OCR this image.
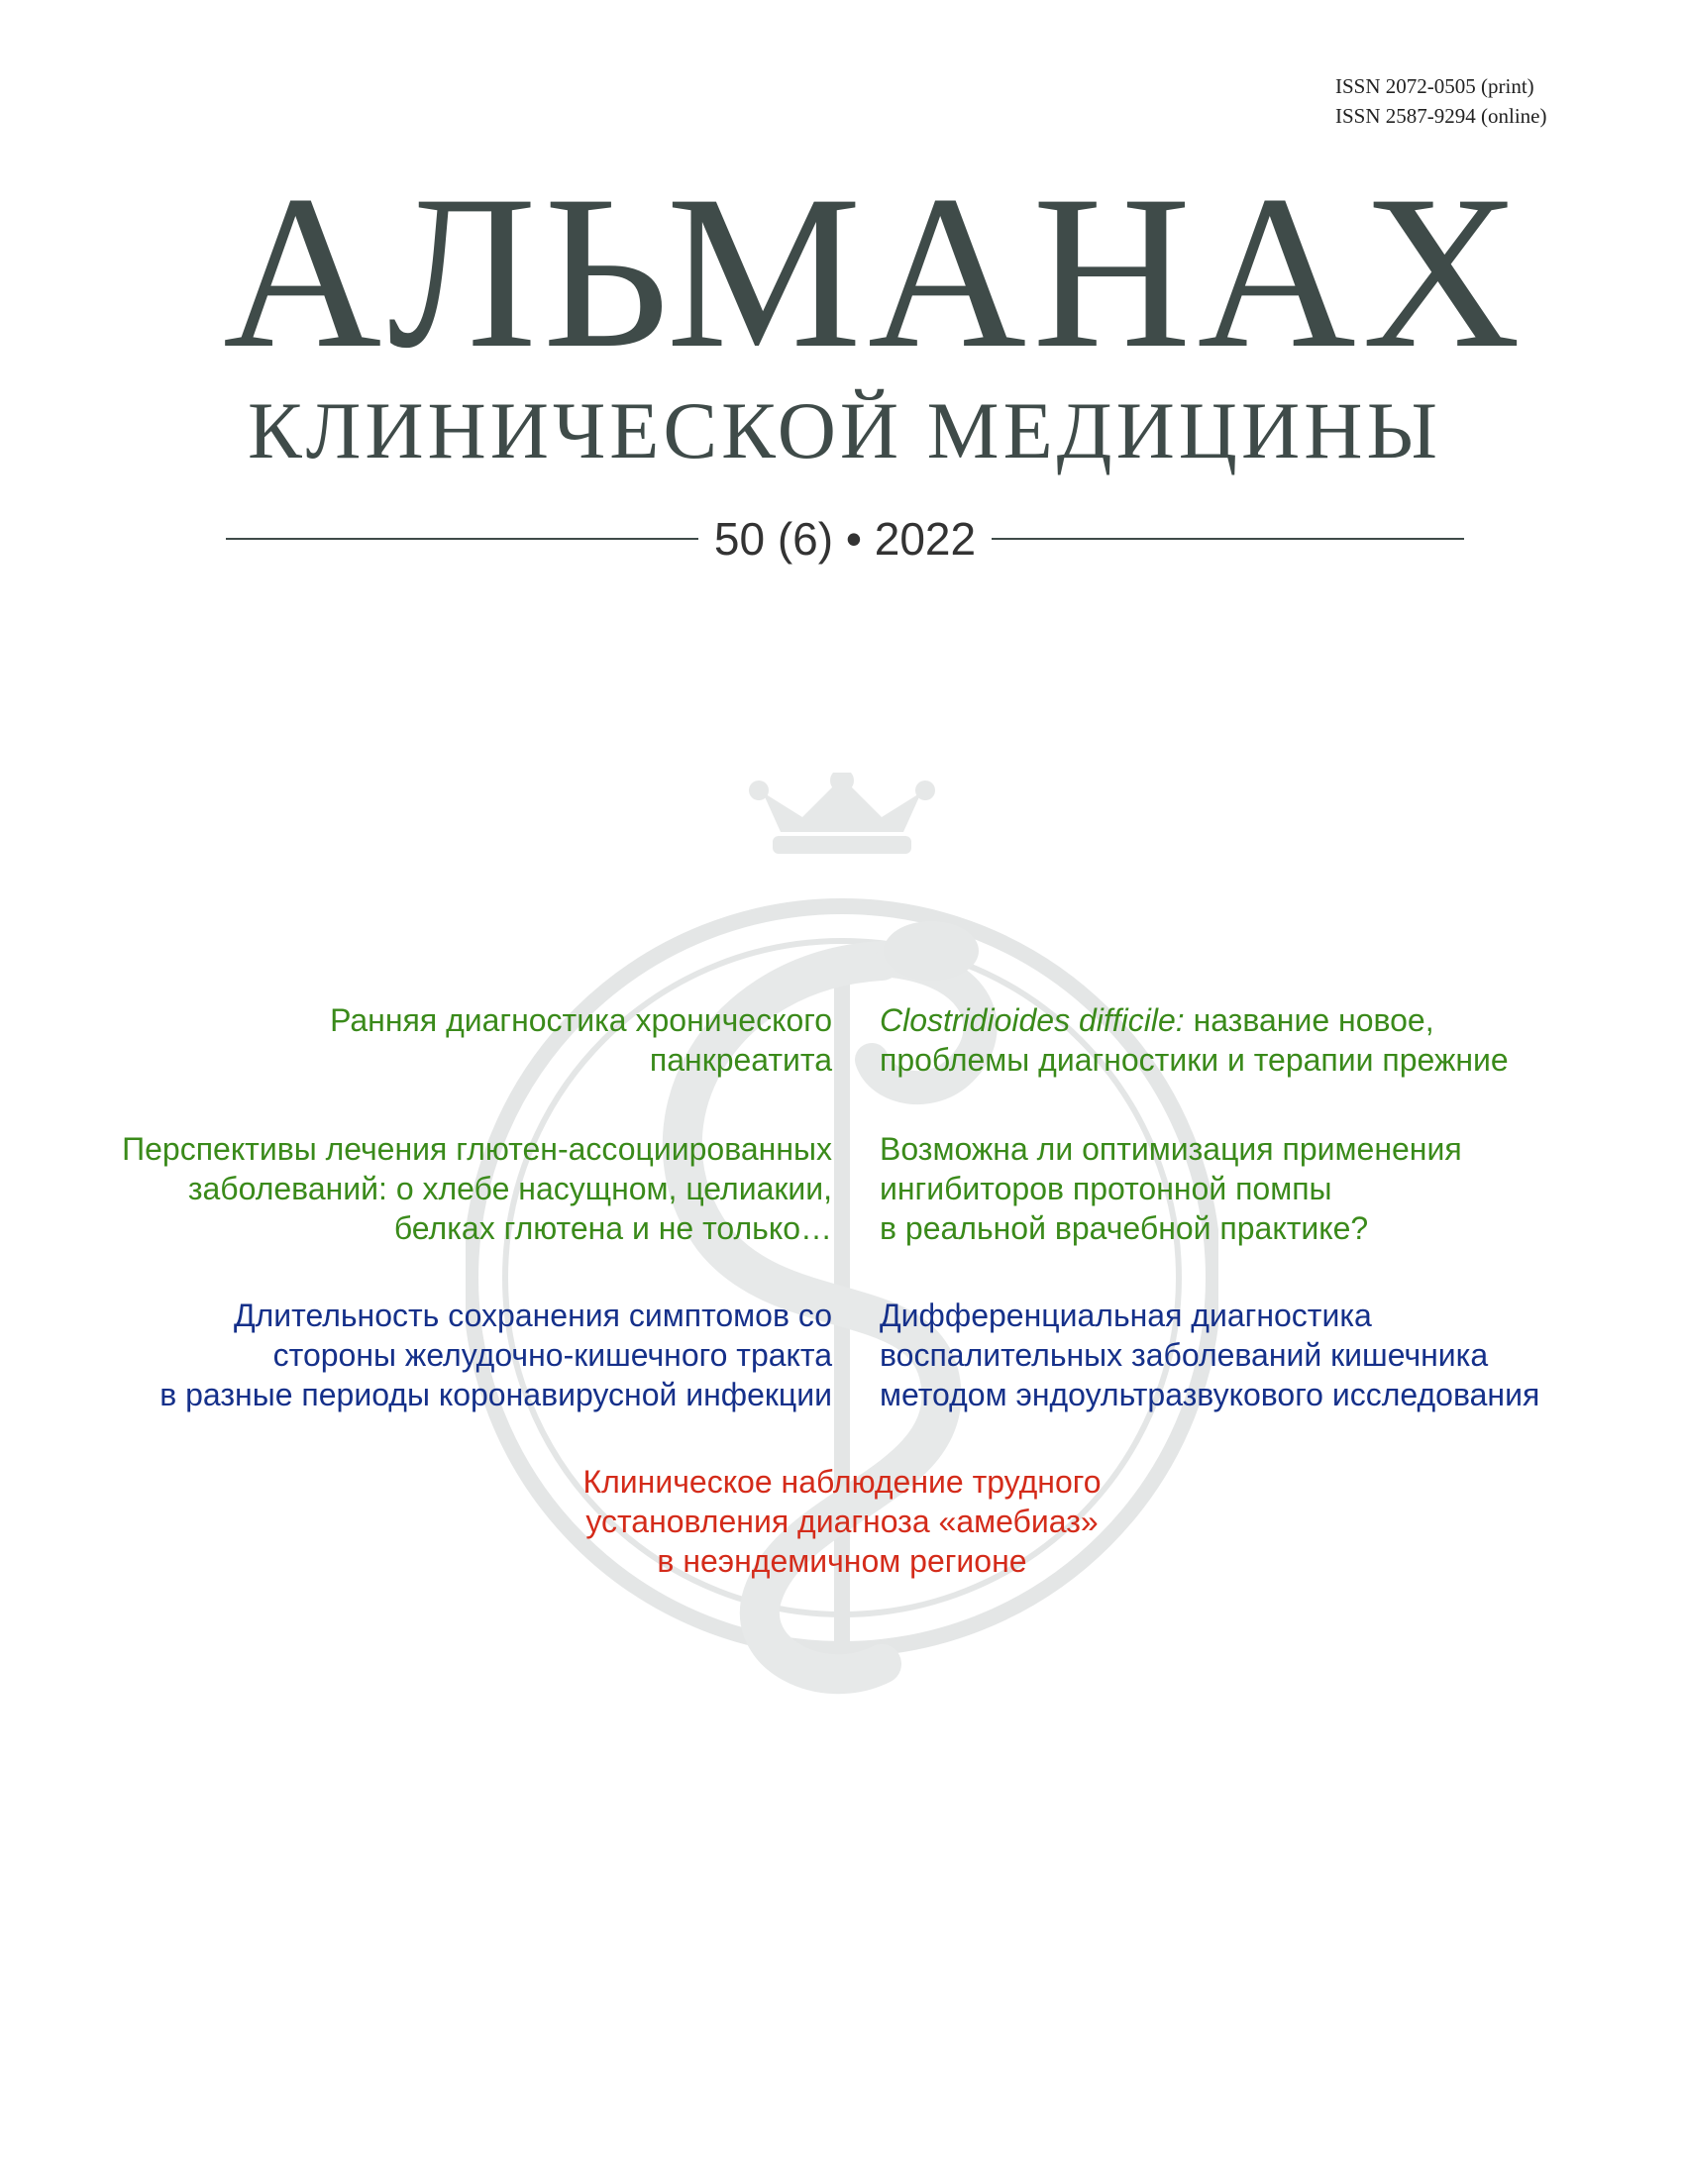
ISSN 2072-0505 (print)
ISSN 2587-9294 (online)
АЛЬМАНАХ
КЛИНИЧЕСКОЙ МЕДИЦИНЫ
50 (6) • 2022
Ранняя диагностика хронического
панкреатита
Clostridioides difficile: название новое,
проблемы диагностики и терапии прежние
Перспективы лечения глютен-ассоциированных
заболеваний: о хлебе насущном, целиакии,
белках глютена и не только…
Возможна ли оптимизация применения
ингибиторов протонной помпы
в реальной врачебной практике?
Длительность сохранения симптомов со
стороны желудочно-кишечного тракта
в разные периоды коронавирусной инфекции
Дифференциальная диагностика
воспалительных заболеваний кишечника
методом эндоультразвукового исследования
Клиническое наблюдение трудного
установления диагноза «амебиаз»
в неэндемичном регионе
